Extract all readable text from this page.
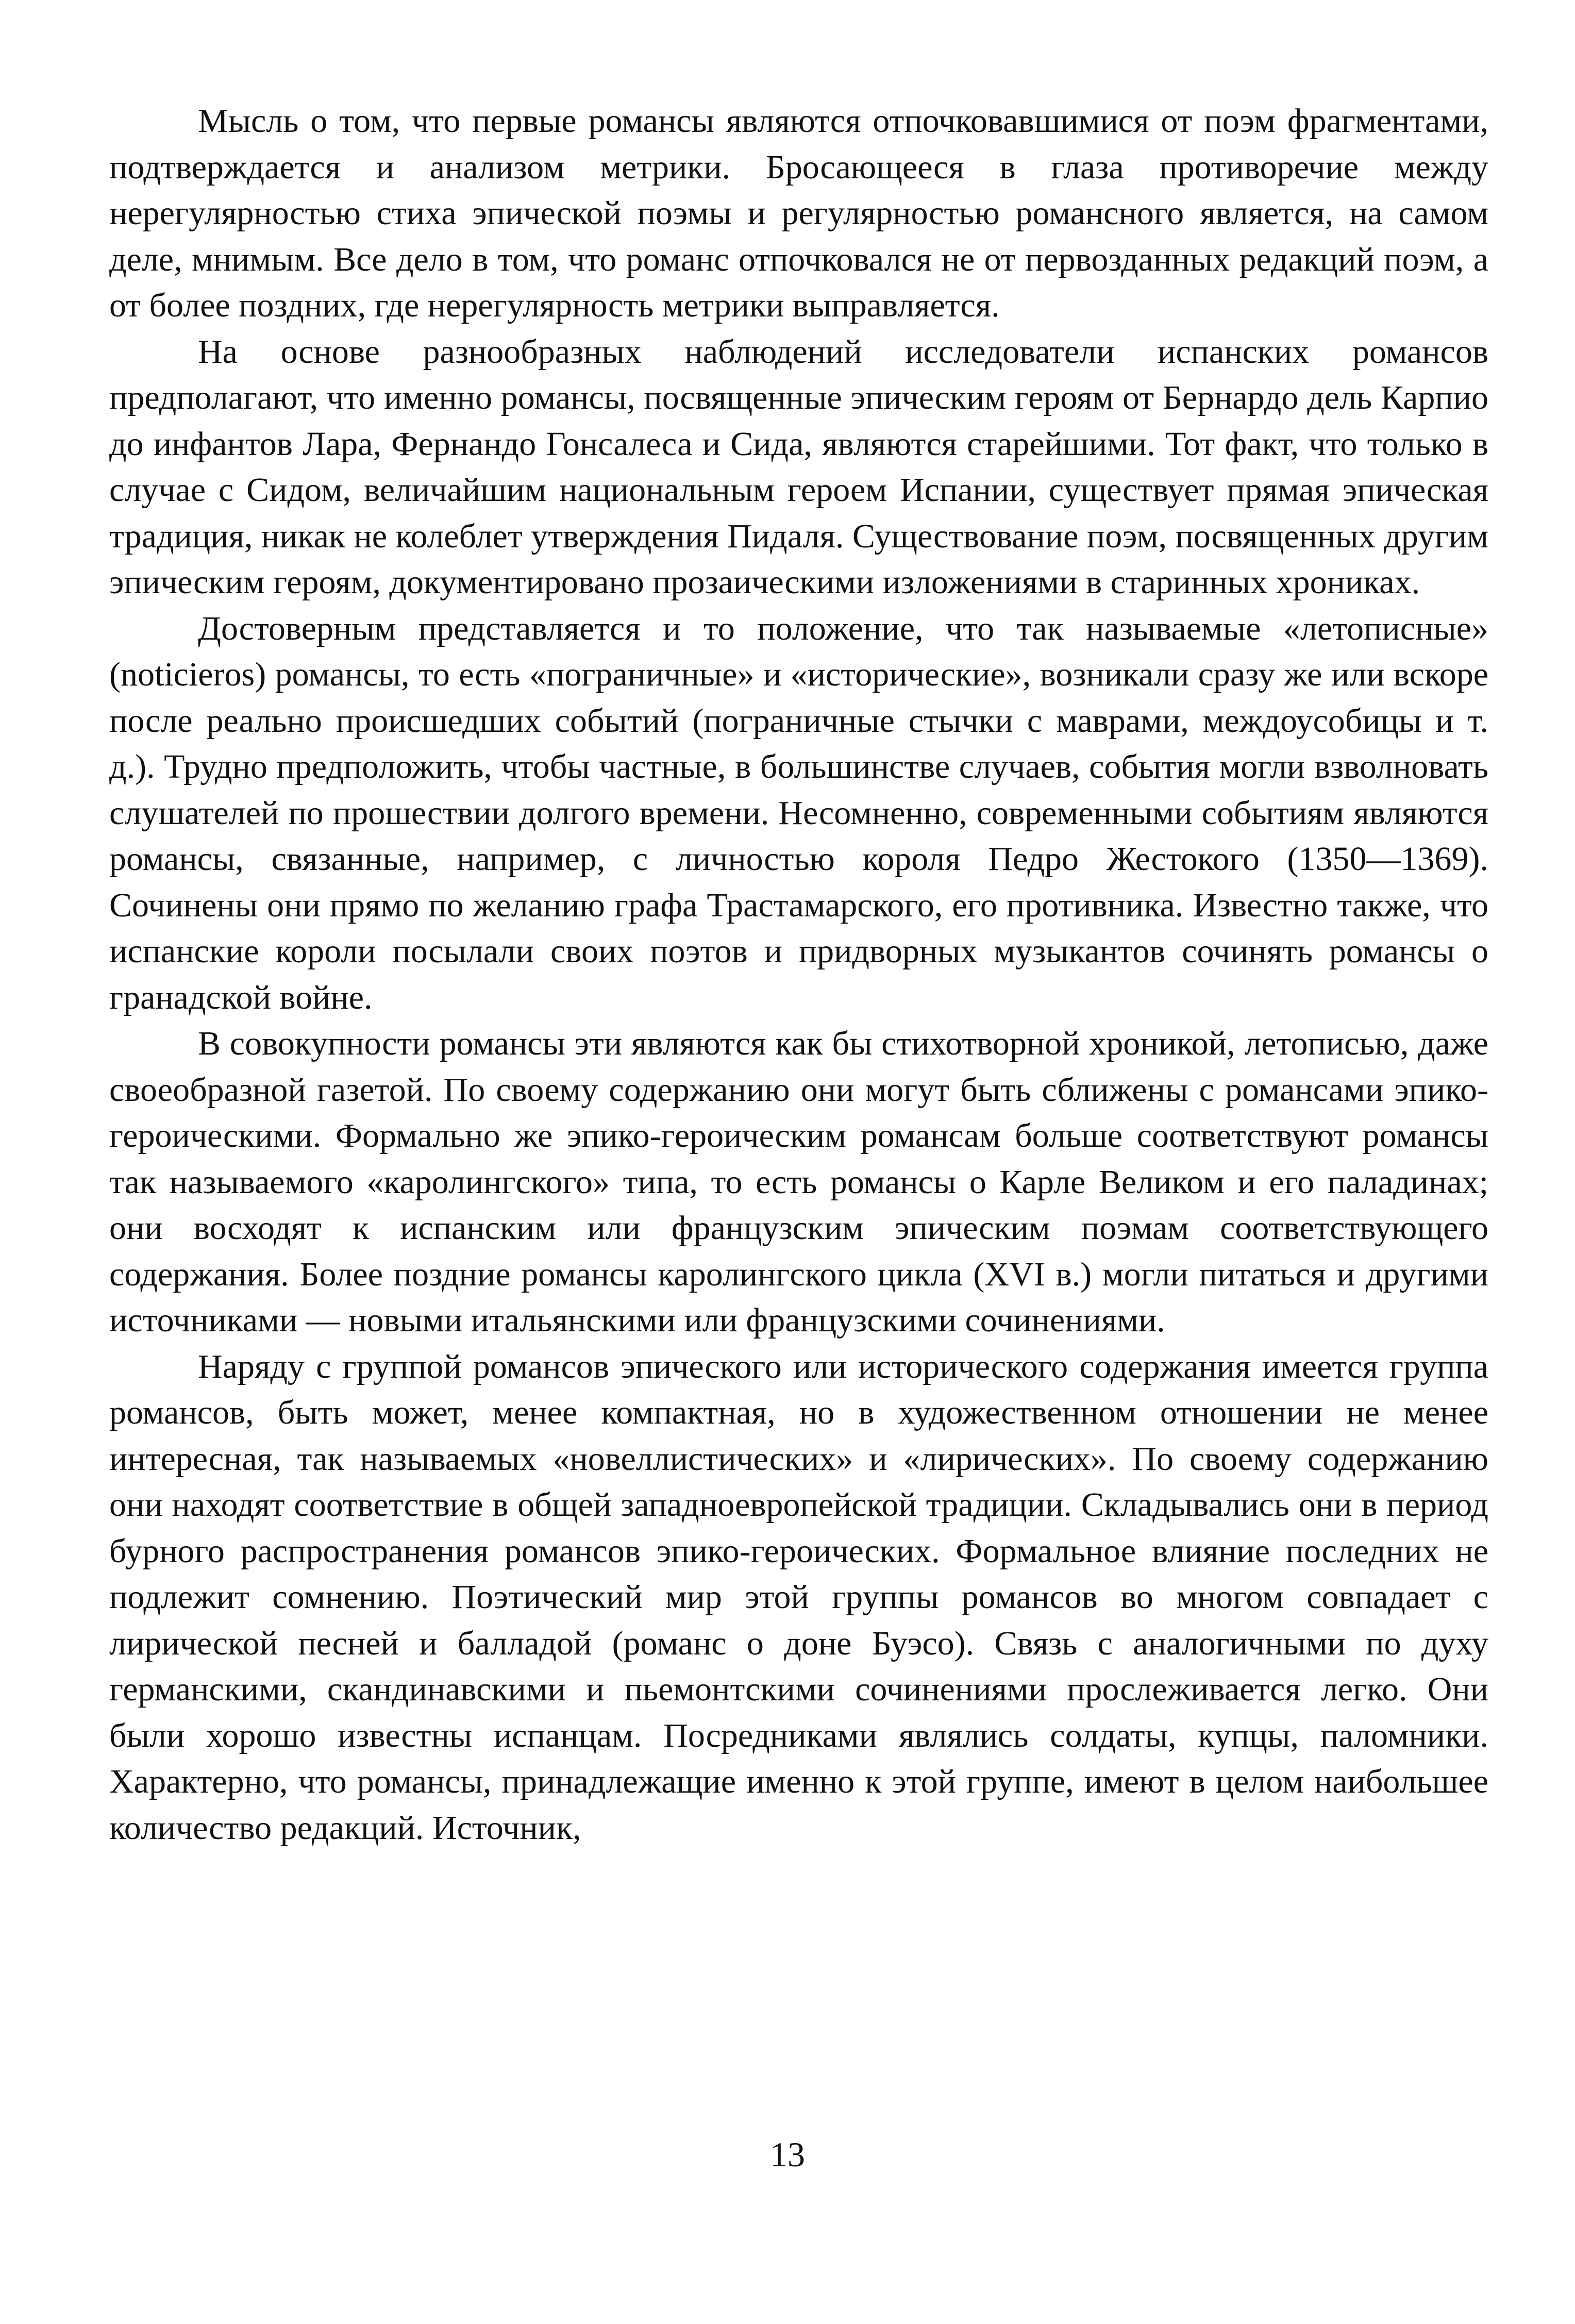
Мысль о том, что первые романсы являются отпочковавшимися от поэм фрагментами, подтверждается и анализом метрики. Бросающееся в глаза противоречие между нерегулярностью стиха эпической поэмы и регулярностью романсного является, на самом деле, мнимым. Все дело в том, что романс отпочковался не от первозданных редакций поэм, а от более поздних, где нерегулярность метрики выправляется.

На основе разнообразных наблюдений исследователи испанских романсов предполагают, что именно романсы, посвященные эпическим героям от Бернардо дель Карпио до инфантов Лара, Фернандо Гонсалеса и Сида, являются старейшими. Тот факт, что только в случае с Сидом, величайшим национальным героем Испании, существует прямая эпическая традиция, никак не колеблет утверждения Пидаля. Существование поэм, посвященных другим эпическим героям, документировано прозаическими изложениями в старинных хрониках.

Достоверным представляется и то положение, что так называемые «летописные» (noticieros) романсы, то есть «пограничные» и «исторические», возникали сразу же или вскоре после реально происшедших событий (пограничные стычки с маврами, междоусобицы и т. д.). Трудно предположить, чтобы частные, в большинстве случаев, события могли взволновать слушателей по прошествии долгого времени. Несомненно, современными событиям являются романсы, связанные, например, с личностью короля Педро Жестокого (1350—1369). Сочинены они прямо по желанию графа Трастамарского, его противника. Известно также, что испанские короли посылали своих поэтов и придворных музыкантов сочинять романсы о гранадской войне.

В совокупности романсы эти являются как бы стихотворной хроникой, летописью, даже своеобразной газетой. По своему содержанию они могут быть сближены с романсами эпико-героическими. Формально же эпико-героическим романсам больше соответствуют романсы так называемого «каролингского» типа, то есть романсы о Карле Великом и его паладинах; они восходят к испанским или французским эпическим поэмам соответствующего содержания. Более поздние романсы каролингского цикла (XVI в.) могли питаться и другими источниками — новыми итальянскими или французскими сочинениями.

Наряду с группой романсов эпического или исторического содержания имеется группа романсов, быть может, менее компактная, но в художественном отношении не менее интересная, так называемых «новеллистических» и «лирических». По своему содержанию они находят соответствие в общей западноевропейской традиции. Складывались они в период бурного распространения романсов эпико-героических. Формальное влияние последних не подлежит сомнению. Поэтический мир этой группы романсов во многом совпадает с лирической песней и балладой (романс о доне Буэсо). Связь с аналогичными по духу германскими, скандинавскими и пьемонтскими сочинениями прослеживается легко. Они были хорошо известны испанцам. Посредниками являлись солдаты, купцы, паломники. Характерно, что романсы, принадлежащие именно к этой группе, имеют в целом наибольшее количество редакций. Источник,

13
